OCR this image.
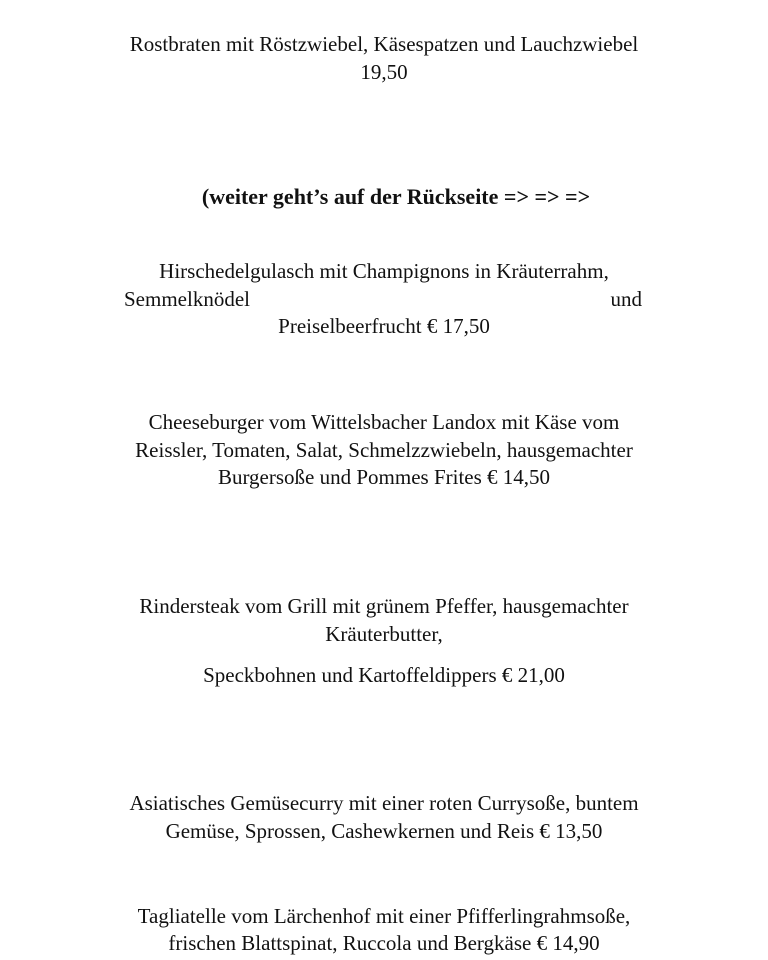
Rostbraten mit Röstzwiebel, Käsespatzen und Lauchzwiebel
19,50
(weiter geht’s auf der Rückseite => => =>
Hirschedelgulasch mit Champignons in Kräuterrahm,
Semmelknödel	und
Preiselbeerfrucht € 17,50
Cheeseburger vom Wittelsbacher Landox mit Käse vom
Reissler, Tomaten, Salat, Schmelzzwiebeln, hausgemachter
Burgersoße und Pommes Frites € 14,50
Rindersteak vom Grill mit grünem Pfeffer, hausgemachter
Kräuterbutter,
Speckbohnen und Kartoffeldippers € 21,00
Asiatisches Gemüsecurry mit einer roten Currysoße, buntem
Gemüse, Sprossen, Cashewkernen und Reis € 13,50
Tagliatelle vom Lärchenhof mit einer Pfifferlingrahmsoße,
frischen Blattspinat, Ruccola und Bergkäse € 14,90
